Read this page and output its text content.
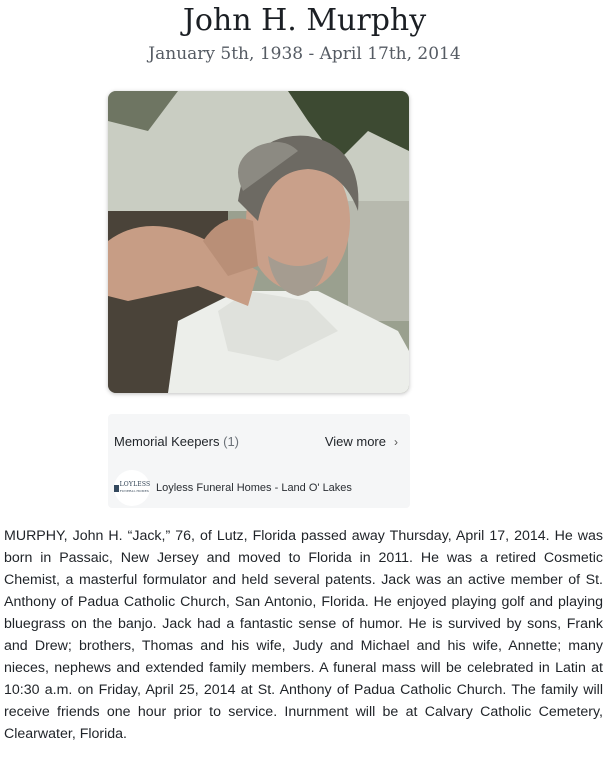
John H. Murphy
January 5th, 1938 - April 17th, 2014
Memorial Keepers (1)	View more ›
LOYLESS
FUNERAL HOMES Loyless Funeral Homes - Land O' Lakes

MURPHY, John H. “Jack,” 76, of Lutz, Florida passed away Thursday, April 17, 2014. He was born in Passaic, New Jersey and moved to Florida in 2011. He was a retired Cosmetic Chemist, a masterful formulator and held several patents. Jack was an active member of St. Anthony of Padua Catholic Church, San Antonio, Florida. He enjoyed playing golf and playing bluegrass on the banjo. Jack had a fantastic sense of humor. He is survived by sons, Frank and Drew; brothers, Thomas and his wife, Judy and Michael and his wife, Annette; many nieces, nephews and extended family members. A funeral mass will be celebrated in Latin at 10:30 a.m. on Friday, April 25, 2014 at St. Anthony of Padua Catholic Church. The family will receive friends one hour prior to service. Inurnment will be at Calvary Catholic Cemetery, Clearwater, Florida.
